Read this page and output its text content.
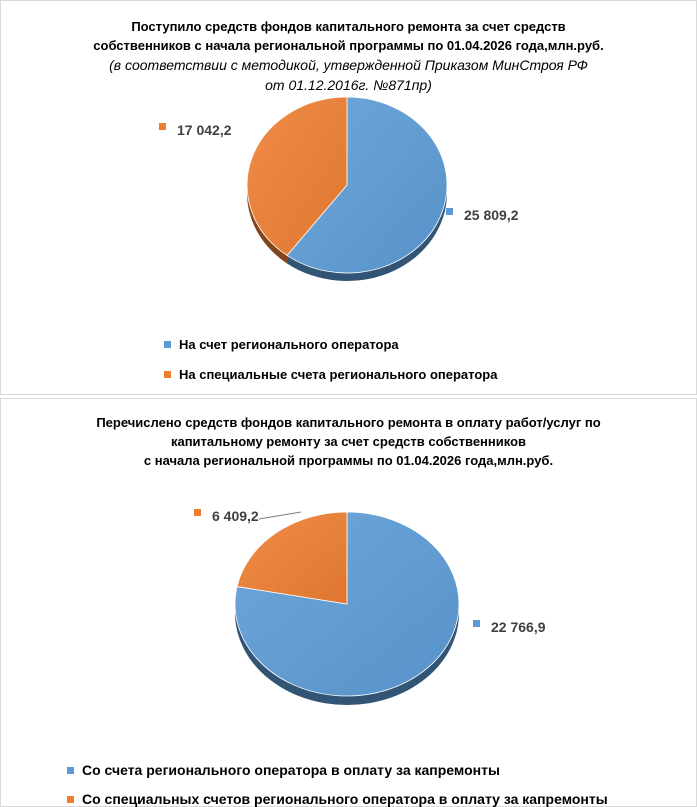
Поступило средств фондов капитального ремонта за счет средств
собственников с начала региональной программы по 01.04.2026 года,млн.руб.
(в соответствии с методикой, утвержденной Приказом МинСтроя РФ
от 01.12.2016г. №871пр)
25 809,2
17 042,2
На счет регионального оператора
На специальные счета регионального оператора
Перечислено средств фондов капитального ремонта в оплату работ/услуг по
капитальному ремонту за счет средств собственников
с начала региональной программы по 01.04.2026 года,млн.руб.
22 766,9
6 409,2
Со счета регионального оператора в оплату за капремонты
Со специальных счетов регионального оператора в оплату за капремонты
